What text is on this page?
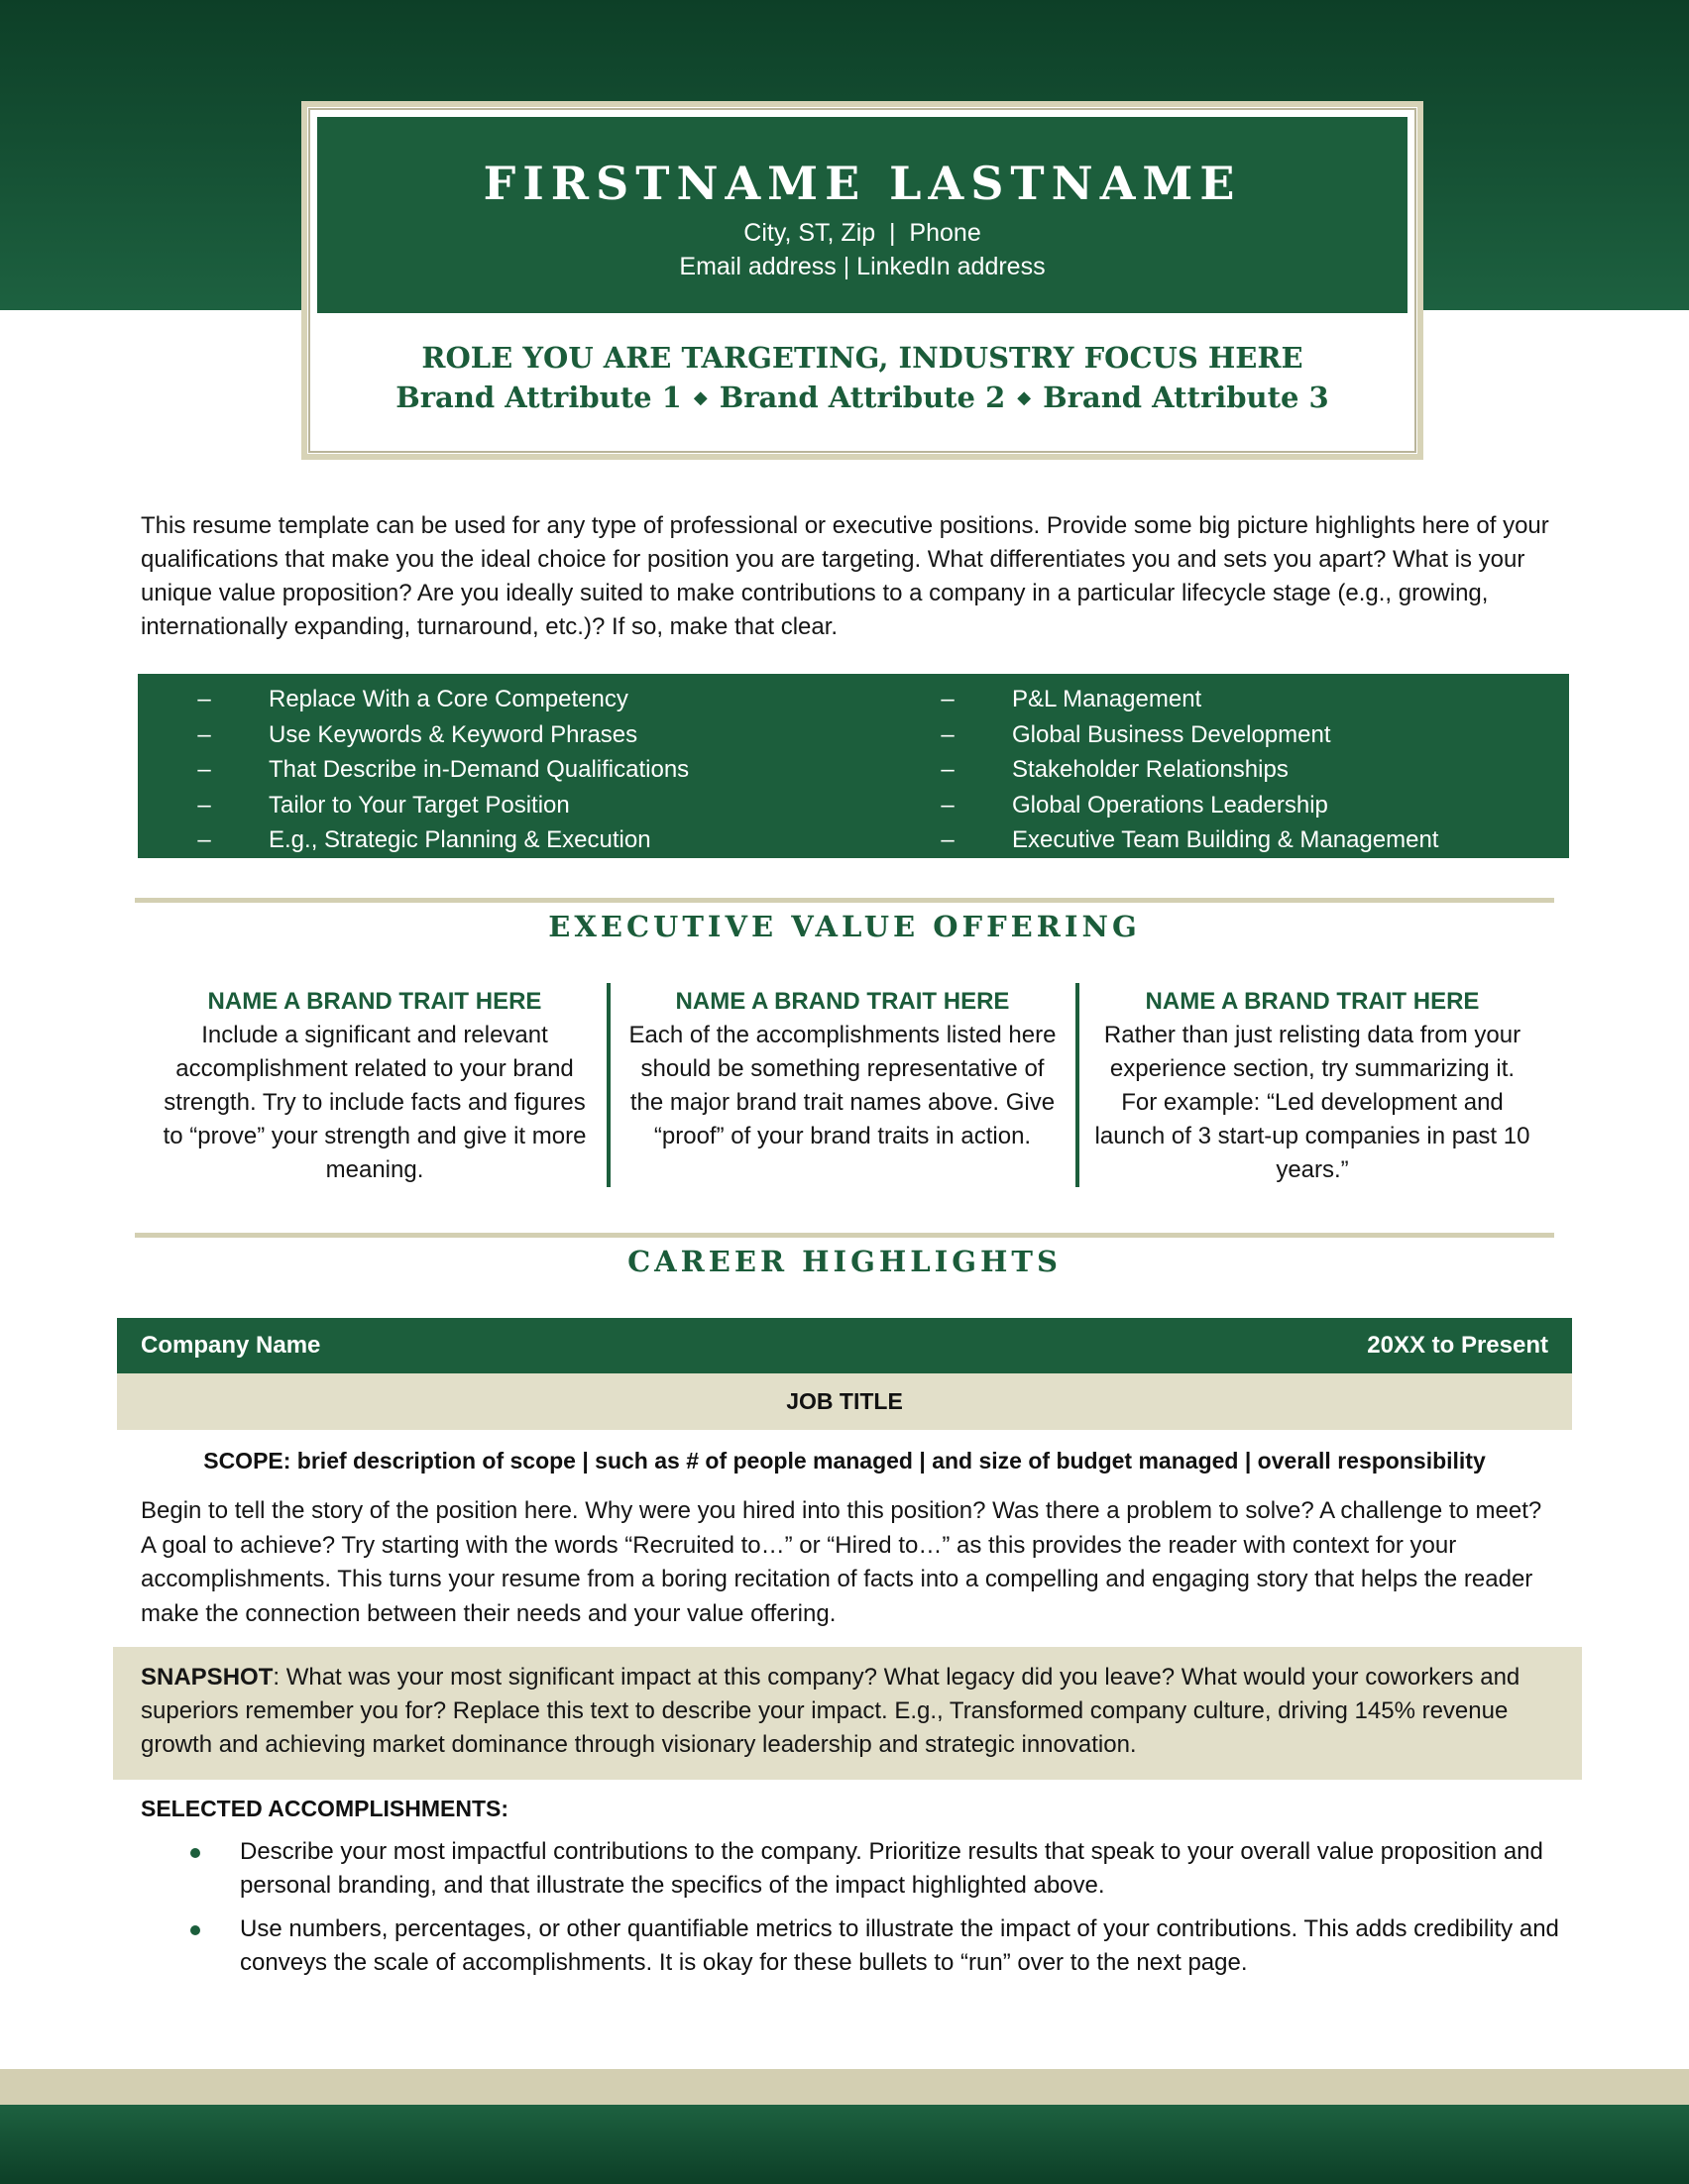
FIRSTNAME LASTNAME
City, ST, Zip  |  Phone
Email address | LinkedIn address
ROLE YOU ARE TARGETING, INDUSTRY FOCUS HERE
Brand Attribute 1 ◆ Brand Attribute 2 ◆ Brand Attribute 3
This resume template can be used for any type of professional or executive positions. Provide some big picture highlights here of your qualifications that make you the ideal choice for position you are targeting. What differentiates you and sets you apart? What is your unique value proposition? Are you ideally suited to make contributions to a company in a particular lifecycle stage (e.g., growing, internationally expanding, turnaround, etc.)? If so, make that clear.
– Replace With a Core Competency
– Use Keywords & Keyword Phrases
– That Describe in-Demand Qualifications
– Tailor to Your Target Position
– E.g., Strategic Planning & Execution
– P&L Management
– Global Business Development
– Stakeholder Relationships
– Global Operations Leadership
– Executive Team Building & Management
EXECUTIVE VALUE OFFERING
NAME A BRAND TRAIT HERE
Include a significant and relevant accomplishment related to your brand strength. Try to include facts and figures to “prove” your strength and give it more meaning.
NAME A BRAND TRAIT HERE
Each of the accomplishments listed here should be something representative of the major brand trait names above. Give “proof” of your brand traits in action.
NAME A BRAND TRAIT HERE
Rather than just relisting data from your experience section, try summarizing it. For example: “Led development and launch of 3 start-up companies in past 10 years.”
CAREER HIGHLIGHTS
Company Name	20XX to Present
JOB TITLE
SCOPE: brief description of scope | such as # of people managed | and size of budget managed | overall responsibility
Begin to tell the story of the position here. Why were you hired into this position? Was there a problem to solve? A challenge to meet? A goal to achieve? Try starting with the words “Recruited to…” or “Hired to…” as this provides the reader with context for your accomplishments. This turns your resume from a boring recitation of facts into a compelling and engaging story that helps the reader make the connection between their needs and your value offering.
SNAPSHOT: What was your most significant impact at this company? What legacy did you leave? What would your coworkers and superiors remember you for? Replace this text to describe your impact. E.g., Transformed company culture, driving 145% revenue growth and achieving market dominance through visionary leadership and strategic innovation.
SELECTED ACCOMPLISHMENTS:
Describe your most impactful contributions to the company. Prioritize results that speak to your overall value proposition and personal branding, and that illustrate the specifics of the impact highlighted above.
Use numbers, percentages, or other quantifiable metrics to illustrate the impact of your contributions. This adds credibility and conveys the scale of accomplishments. It is okay for these bullets to “run” over to the next page.
